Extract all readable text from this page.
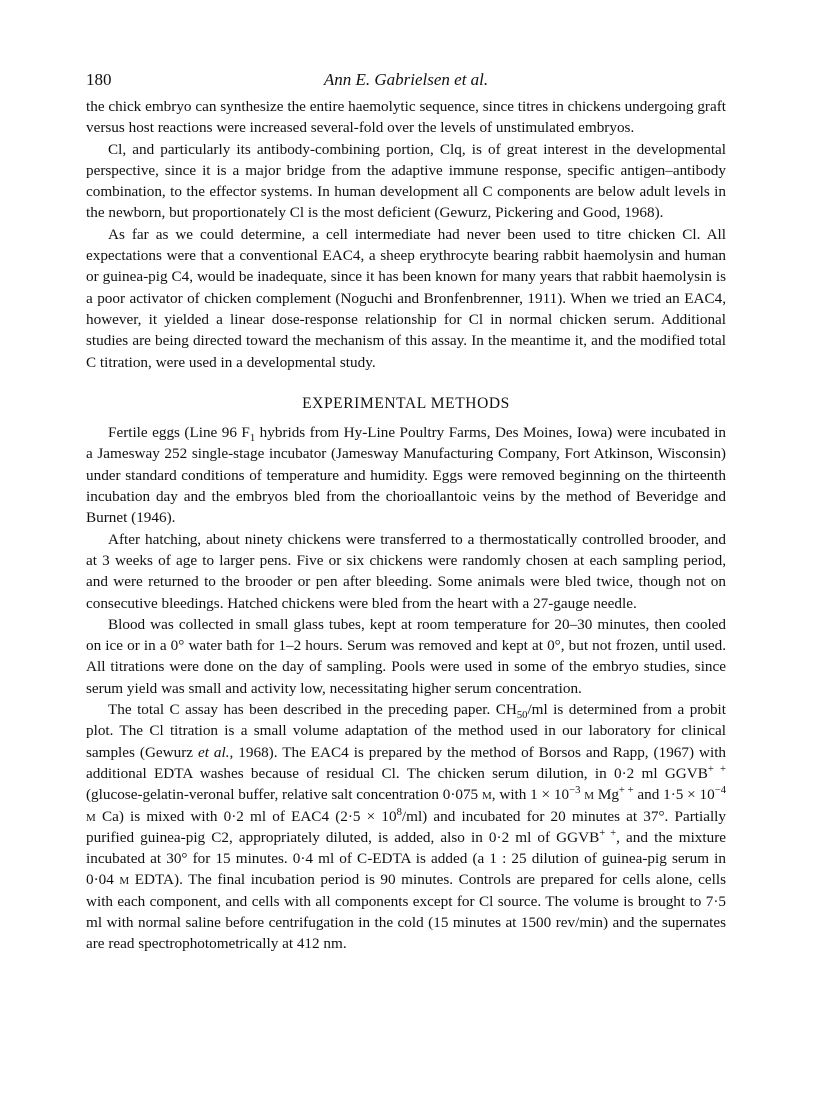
180	Ann E. Gabrielsen et al.

the chick embryo can synthesize the entire haemolytic sequence, since titres in chickens undergoing graft versus host reactions were increased several-fold over the levels of unstimulated embryos.

Cl, and particularly its antibody-combining portion, Clq, is of great interest in the developmental perspective, since it is a major bridge from the adaptive immune response, specific antigen–antibody combination, to the effector systems. In human development all C components are below adult levels in the newborn, but proportionately Cl is the most deficient (Gewurz, Pickering and Good, 1968).

As far as we could determine, a cell intermediate had never been used to titre chicken Cl. All expectations were that a conventional EAC4, a sheep erythrocyte bearing rabbit haemolysin and human or guinea-pig C4, would be inadequate, since it has been known for many years that rabbit haemolysin is a poor activator of chicken complement (Noguchi and Bronfenbrenner, 1911). When we tried an EAC4, however, it yielded a linear dose-response relationship for Cl in normal chicken serum. Additional studies are being directed toward the mechanism of this assay. In the meantime it, and the modified total C titration, were used in a developmental study.

EXPERIMENTAL METHODS

Fertile eggs (Line 96 $F_1$ hybrids from Hy-Line Poultry Farms, Des Moines, Iowa) were incubated in a Jamesway 252 single-stage incubator (Jamesway Manufacturing Company, Fort Atkinson, Wisconsin) under standard conditions of temperature and humidity. Eggs were removed beginning on the thirteenth incubation day and the embryos bled from the chorioallantoic veins by the method of Beveridge and Burnet (1946).

After hatching, about ninety chickens were transferred to a thermostatically controlled brooder, and at 3 weeks of age to larger pens. Five or six chickens were randomly chosen at each sampling period, and were returned to the brooder or pen after bleeding. Some animals were bled twice, though not on consecutive bleedings. Hatched chickens were bled from the heart with a 27-gauge needle.

Blood was collected in small glass tubes, kept at room temperature for 20–30 minutes, then cooled on ice or in a 0° water bath for 1–2 hours. Serum was removed and kept at 0°, but not frozen, until used. All titrations were done on the day of sampling. Pools were used in some of the embryo studies, since serum yield was small and activity low, necessitating higher serum concentration.

The total C assay has been described in the preceding paper. $CH_{50}/ml$ is determined from a probit plot. The Cl titration is a small volume adaptation of the method used in our laboratory for clinical samples (Gewurz et al., 1968). The EAC4 is prepared by the method of Borsos and Rapp, (1967) with additional EDTA washes because of residual Cl. The chicken serum dilution, in 0·2 ml GGVB+ + (glucose-gelatin-veronal buffer, relative salt concentration 0·075 m, with $1 \times 10^{-3}$ m Mg+ + and $1\cdot 5 \times 10^{-4}$ m Ca) is mixed with 0·2 ml of EAC4 $(2\cdot 5 \times 10^8/ml)$ and incubated for 20 minutes at 37°. Partially purified guinea-pig C2, appropriately diluted, is added, also in 0·2 ml of GGVB+ +, and the mixture incubated at 30° for 15 minutes. 0·4 ml of C-EDTA is added (a 1 : 25 dilution of guinea-pig serum in 0·04 m EDTA). The final incubation period is 90 minutes. Controls are prepared for cells alone, cells with each component, and cells with all components except for Cl source. The volume is brought to 7·5 ml with normal saline before centrifugation in the cold (15 minutes at 1500 rev/min) and the supernates are read spectrophotometrically at 412 nm.
